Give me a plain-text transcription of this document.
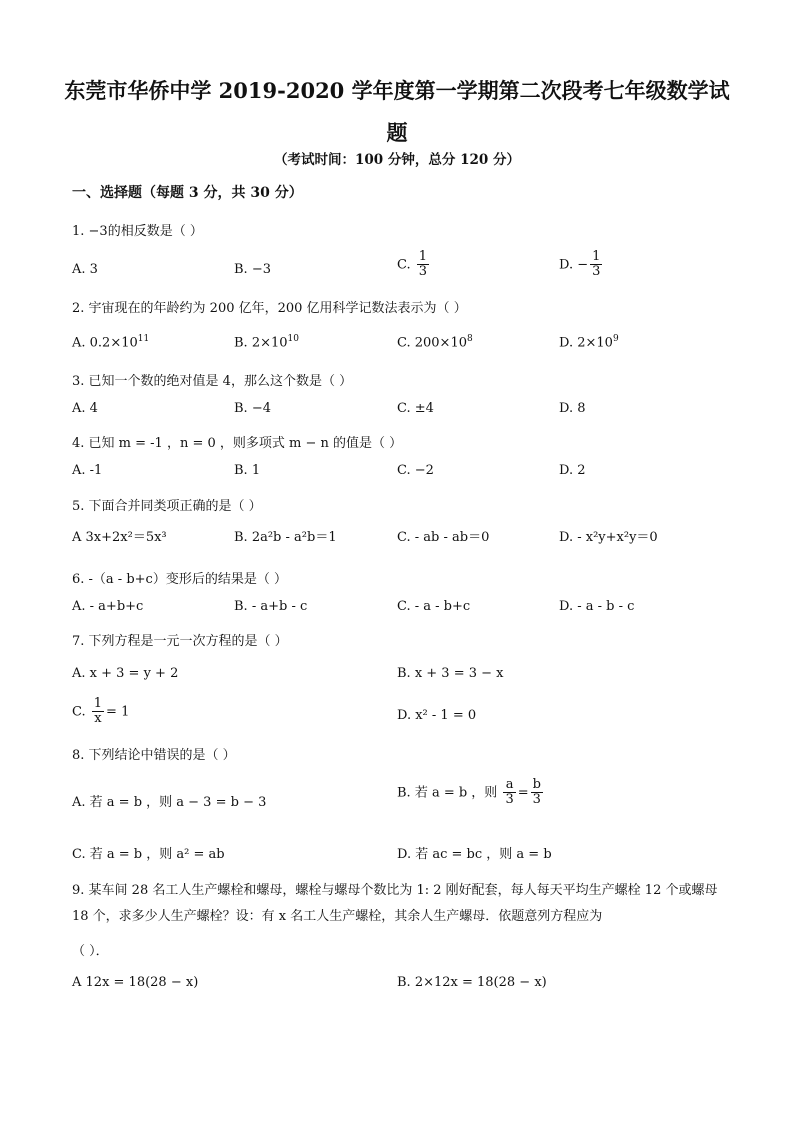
东莞市华侨中学 2019-2020 学年度第一学期第二次段考七年级数学试
题
（考试时间：100 分钟，总分 120 分）
一、选择题（每题 3 分，共 30 分）
1. −3的相反数是（ ）
A. 3	B. −3	C. $\frac{1}{3}$	D. − $\frac{1}{3}$
2. 宇宙现在的年龄约为 200 亿年，200 亿用科学记数法表示为（ ）
A. $0.2\times 10^{11}$	B. $2\times 10^{10}$	C. $200\times 10^8$	D. $2\times 10^9$
3. 已知一个数的绝对值是 4，那么这个数是（ ）
A. 4	B. −4	C. ±4	D. 8
4. 已知 m = -1 ，n = 0 ，则多项式 m − n 的值是（ ）
A. -1	B. 1	C. −2	D. 2
5. 下面合并同类项正确的是（ ）
A 3x+2x²＝5x³	B. 2a²b - a²b＝1	C. - ab - ab＝0	D. - x²y+x²y＝0
6. -（a - b+c）变形后的结果是（ ）
A. - a+b+c	B. - a+b - c	C. - a - b+c	D. - a - b - c
7. 下列方程是一元一次方程的是（ ）
A. x + 3 = y + 2	B. x + 3 = 3 − x
C. $\frac{1}{x} = 1$	D. x² - 1 = 0
8. 下列结论中错误的是（ ）
A. 若 a = b ，则 a − 3 = b − 3
B. 若 a = b ，则 $\frac{a}{3} = \frac{b}{3}$
C. 若 a = b ，则 a² = ab	D. 若 ac = bc ，则 a = b
9. 某车间 28 名工人生产螺栓和螺母，螺栓与螺母个数比为 1: 2 刚好配套，每人每天平均生产螺栓 12 个或螺母 18 个，求多少人生产螺栓？设：有 x 名工人生产螺栓，其余人生产螺母．依题意列方程应为
（ ）．
A 12x = 18(28 − x)	B. 2×12x = 18(28 − x)
